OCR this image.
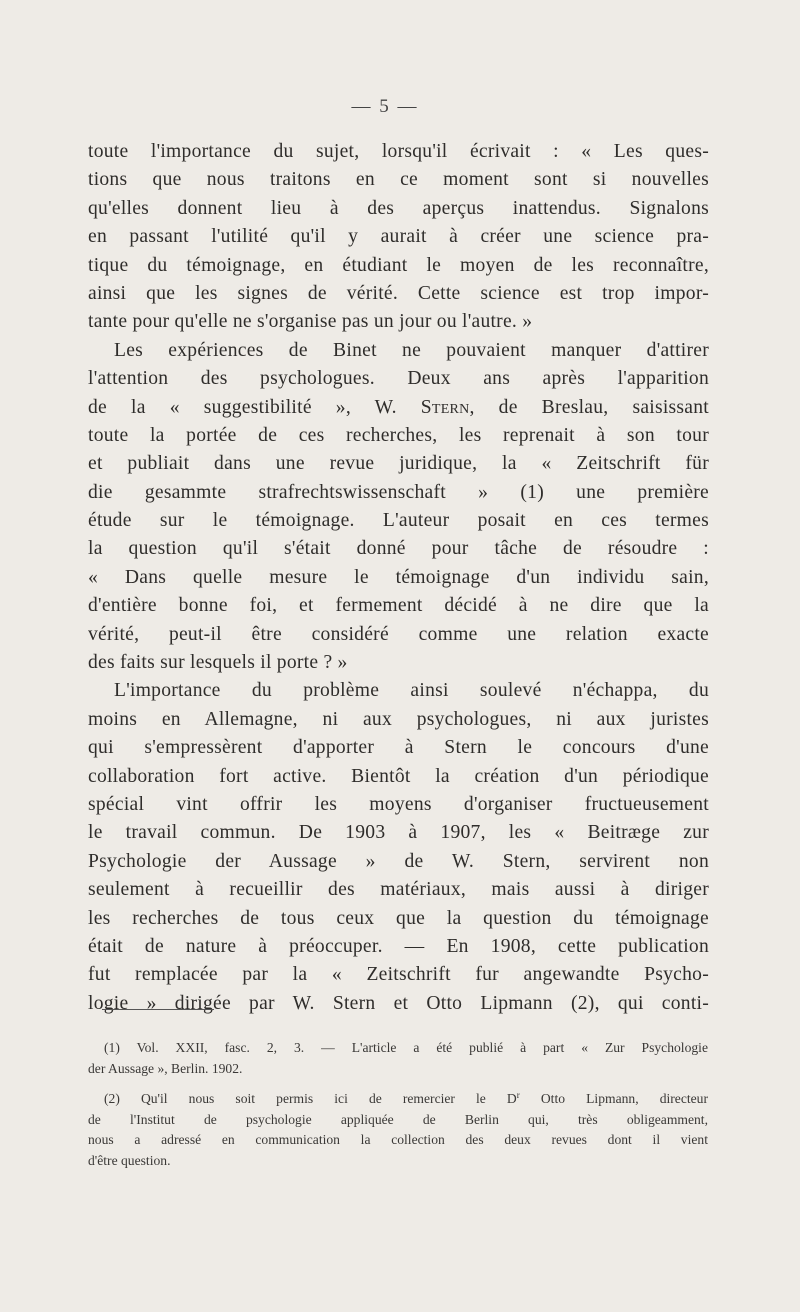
— 5 —
toute l'importance du sujet, lorsqu'il écrivait : « Les ques-
tions que nous traitons en ce moment sont si nouvelles
qu'elles donnent lieu à des aperçus inattendus. Signalons
en passant l'utilité qu'il y aurait à créer une science pra-
tique du témoignage, en étudiant le moyen de les reconnaître,
ainsi que les signes de vérité. Cette science est trop impor-
tante pour qu'elle ne s'organise pas un jour ou l'autre. »
Les expériences de Binet ne pouvaient manquer d'attirer
l'attention des psychologues. Deux ans après l'apparition
de la « suggestibilité », W. Stern, de Breslau, saisissant
toute la portée de ces recherches, les reprenait à son tour
et publiait dans une revue juridique, la « Zeitschrift für
die gesammte strafrechtswissenschaft » (1) une première
étude sur le témoignage. L'auteur posait en ces termes
la question qu'il s'était donné pour tâche de résoudre :
« Dans quelle mesure le témoignage d'un individu sain,
d'entière bonne foi, et fermement décidé à ne dire que la
vérité, peut-il être considéré comme une relation exacte
des faits sur lesquels il porte ? »
L'importance du problème ainsi soulevé n'échappa, du
moins en Allemagne, ni aux psychologues, ni aux juristes
qui s'empressèrent d'apporter à Stern le concours d'une
collaboration fort active. Bientôt la création d'un périodique
spécial vint offrir les moyens d'organiser fructueusement
le travail commun. De 1903 à 1907, les « Beitræge zur
Psychologie der Aussage » de W. Stern, servirent non
seulement à recueillir des matériaux, mais aussi à diriger
les recherches de tous ceux que la question du témoignage
était de nature à préoccuper. — En 1908, cette publication
fut remplacée par la « Zeitschrift fur angewandte Psycho-
logie » dirigée par W. Stern et Otto Lipmann (2), qui conti-
(1) Vol. XXII, fasc. 2, 3. — L'article a été publié à part « Zur Psychologie
der Aussage », Berlin. 1902.
(2) Qu'il nous soit permis ici de remercier le $D^r$ Otto Lipmann, directeur
de l'Institut de psychologie appliquée de Berlin qui, très obligeamment,
nous a adressé en communication la collection des deux revues dont il vient
d'être question.
